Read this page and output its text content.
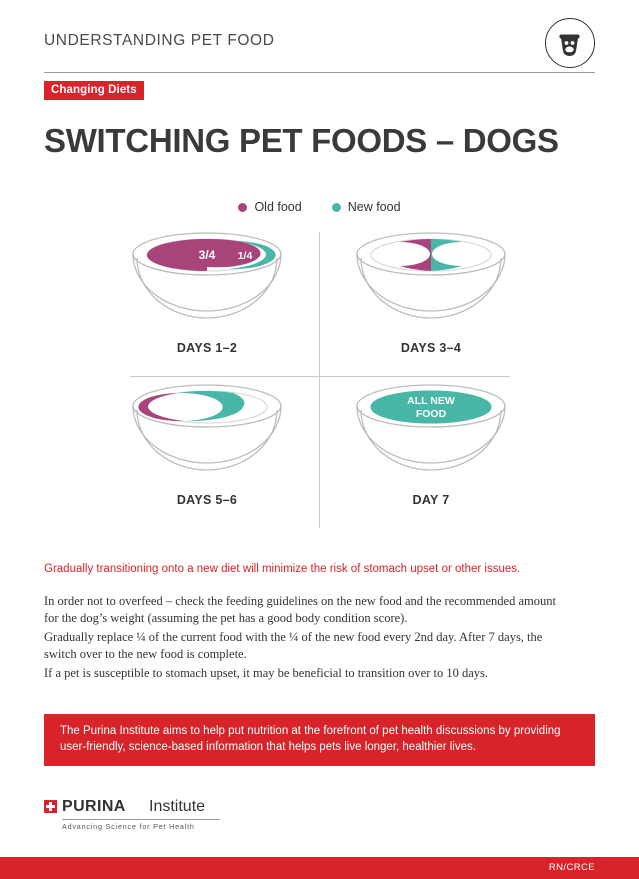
UNDERSTANDING PET FOOD
Changing Diets
SWITCHING PET FOODS – DOGS
Old food	New food
3/4 1/4
DAYS 1–2
1/2	1/2
DAYS 3–4
1/4	3/4
DAYS 5–6
ALL NEW
FOOD
DAY 7
Gradually transitioning onto a new diet will minimize the risk of stomach upset or other issues.
In order not to overfeed – check the feeding guidelines on the new food and the recommended amount for the dog’s weight (assuming the pet has a good body condition score).
Gradually replace ¼ of the current food with the ¼ of the new food every 2nd day. After 7 days, the switch over to the new food is complete.
If a pet is susceptible to stomach upset, it may be beneficial to transition over to 10 days.
The Purina Institute aims to help put nutrition at the forefront of pet health discussions by providing user-friendly, science-based information that helps pets live longer, healthier lives.
PURINA Institute
Advancing Science for Pet Health
RN/CRCE
